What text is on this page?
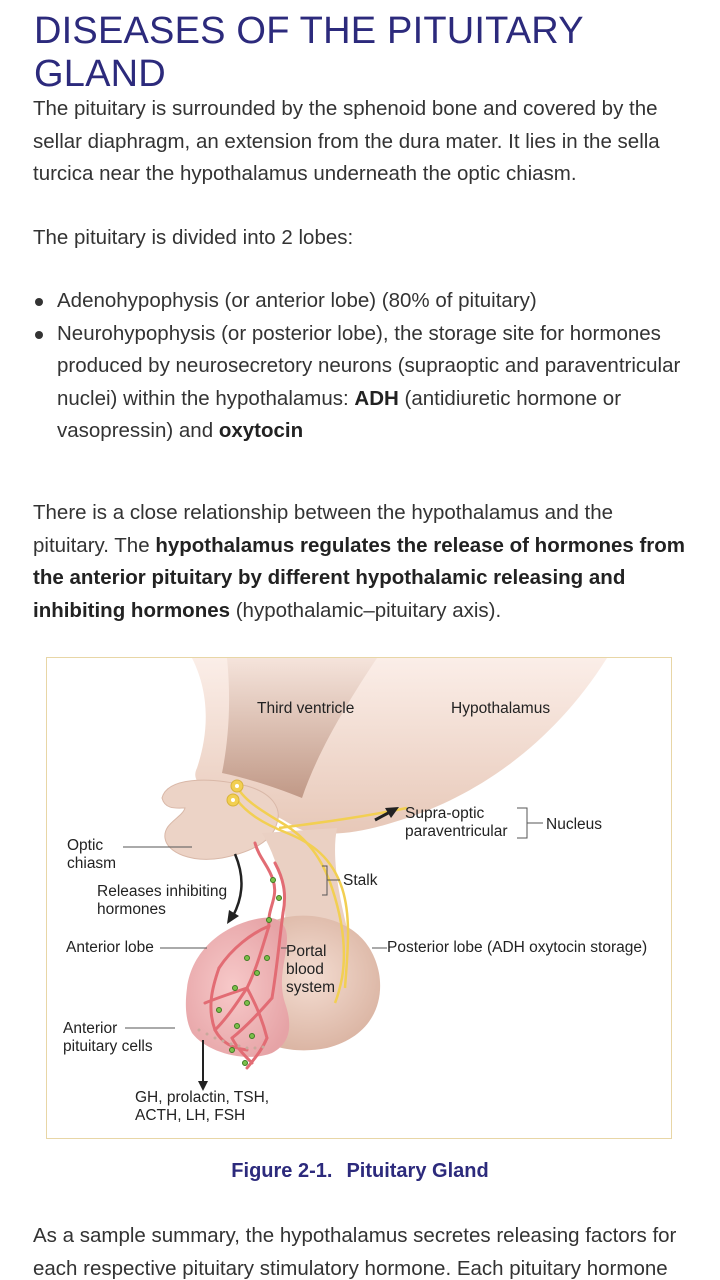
DISEASES OF THE PITUITARY GLAND

The pituitary is surrounded by the sphenoid bone and covered by the
sellar diaphragm, an extension from the dura mater. It lies in the sella
turcica near the hypothalamus underneath the optic chiasm.

The pituitary is divided into 2 lobes:

Adenohypophysis (or anterior lobe) (80% of pituitary)
Neurohypophysis (or posterior lobe), the storage site for hormones
produced by neurosecretory neurons (supraoptic and paraventricular
nuclei) within the hypothalamus: ADH (antidiuretic hormone or
vasopressin) and oxytocin

There is a close relationship between the hypothalamus and the
pituitary. The hypothalamus regulates the release of hormones from
the anterior pituitary by different hypothalamic releasing and
inhibiting hormones (hypothalamic–pituitary axis).

Third ventricle	Hypothalamus
Supra-optic
paraventricular Nucleus
Optic
chiasm
Stalk
Releases inhibiting
hormones
Anterior lobe	Portal
blood
system
Posterior lobe (ADH oxytocin storage)
Anterior
pituitary cells
GH, prolactin, TSH,
ACTH, LH, FSH
Figure 2-1. Pituitary Gland

As a sample summary, the hypothalamus secretes releasing factors for
each respective pituitary stimulatory hormone. Each pituitary hormone
